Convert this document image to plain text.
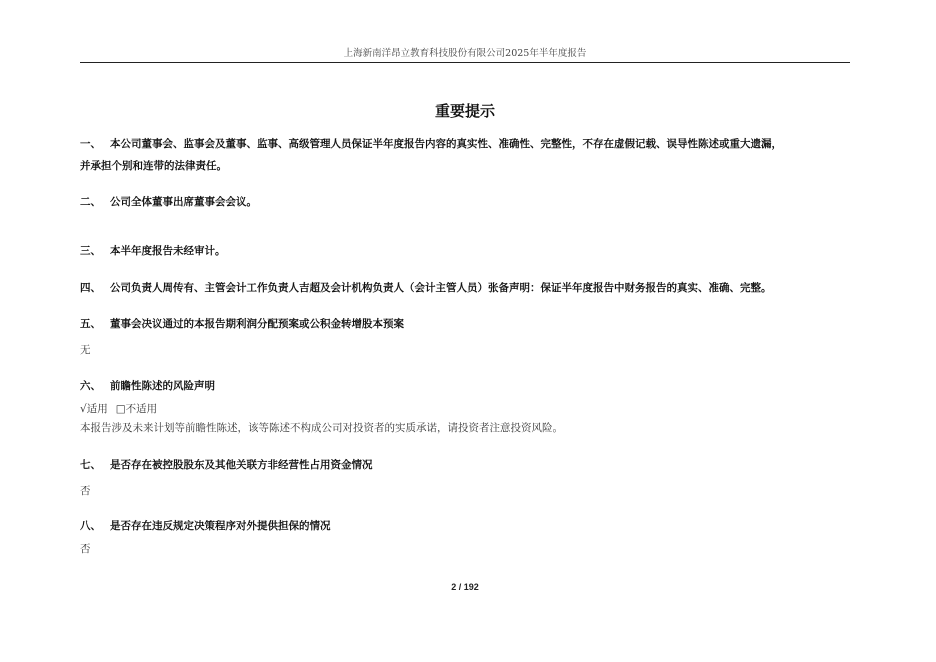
上海新南洋昂立教育科技股份有限公司2025年半年度报告
重要提示
一、 本公司董事会、监事会及董事、监事、高级管理人员保证半年度报告内容的真实性、准确性、完整性，不存在虚假记载、误导性陈述或重大遗漏，
并承担个别和连带的法律责任。
二、 公司全体董事出席董事会会议。
三、 本半年度报告未经审计。
四、 公司负责人周传有、主管会计工作负责人吉超及会计机构负责人（会计主管人员）张备声明：保证半年度报告中财务报告的真实、准确、完整。
五、 董事会决议通过的本报告期利润分配预案或公积金转增股本预案
无
六、 前瞻性陈述的风险声明
√适用 □不适用
本报告涉及未来计划等前瞻性陈述，该等陈述不构成公司对投资者的实质承诺，请投资者注意投资风险。
七、 是否存在被控股股东及其他关联方非经营性占用资金情况
否
八、 是否存在违反规定决策程序对外提供担保的情况
否
2 / 192
